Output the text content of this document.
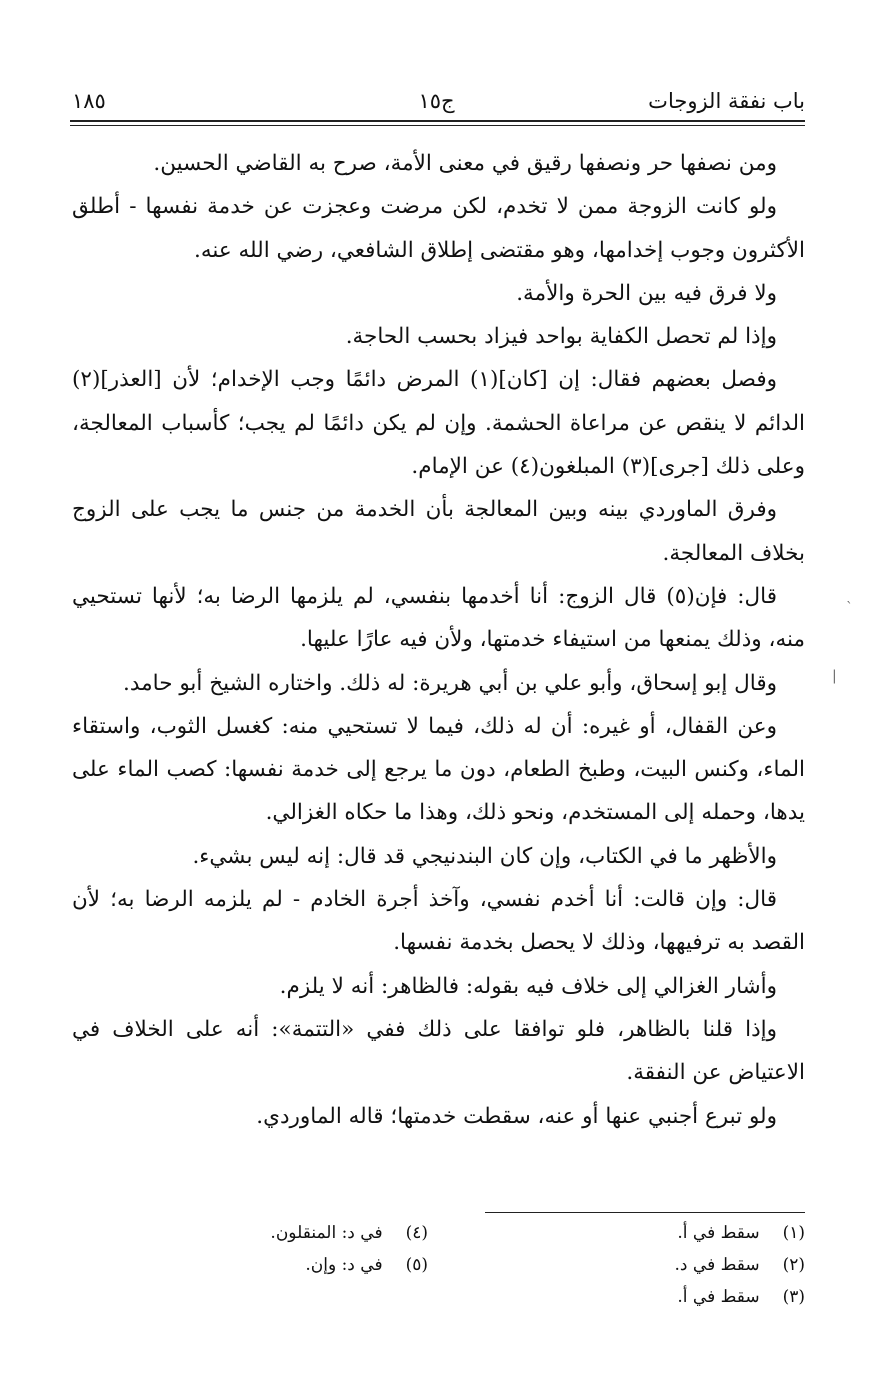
باب نفقة الزوجات
ج١٥
١٨٥

ومن نصفها حر ونصفها رقيق في معنى الأمة، صرح به القاضي الحسين.

ولو كانت الزوجة ممن لا تخدم، لكن مرضت وعجزت عن خدمة نفسها - أطلق الأكثرون وجوب إخدامها، وهو مقتضى إطلاق الشافعي، رضي الله عنه.

ولا فرق فيه بين الحرة والأمة.

وإذا لم تحصل الكفاية بواحد فيزاد بحسب الحاجة.

وفصل بعضهم فقال: إن [كان](١) المرض دائمًا وجب الإخدام؛ لأن [العذر](٢) الدائم لا ينقص عن مراعاة الحشمة. وإن لم يكن دائمًا لم يجب؛ كأسباب المعالجة، وعلى ذلك [جرى](٣) المبلغون(٤) عن الإمام.

وفرق الماوردي بينه وبين المعالجة بأن الخدمة من جنس ما يجب على الزوج بخلاف المعالجة.

قال: فإن(٥) قال الزوج: أنا أخدمها بنفسي، لم يلزمها الرضا به؛ لأنها تستحيي منه، وذلك يمنعها من استيفاء خدمتها، ولأن فيه عارًا عليها.

وقال إبو إسحاق، وأبو علي بن أبي هريرة: له ذلك. واختاره الشيخ أبو حامد.

وعن القفال، أو غيره: أن له ذلك، فيما لا تستحيي منه: كغسل الثوب، واستقاء الماء، وكنس البيت، وطبخ الطعام، دون ما يرجع إلى خدمة نفسها: كصب الماء على يدها، وحمله إلى المستخدم، ونحو ذلك، وهذا ما حكاه الغزالي.

والأظهر ما في الكتاب، وإن كان البندنيجي قد قال: إنه ليس بشيء.

قال: وإن قالت: أنا أخدم نفسي، وآخذ أجرة الخادم - لم يلزمه الرضا به؛ لأن القصد به ترفيهها، وذلك لا يحصل بخدمة نفسها.

وأشار الغزالي إلى خلاف فيه بقوله: فالظاهر: أنه لا يلزم.

وإذا قلنا بالظاهر، فلو توافقا على ذلك ففي «التتمة»: أنه على الخلاف في الاعتياض عن النفقة.

ولو تبرع أجنبي عنها أو عنه، سقطت خدمتها؛ قاله الماوردي.

ˋ
|
(١) سقط في أ.
(٢) سقط في د.
(٣) سقط في أ.
(٤) في د: المنقلون.
(٥) في د: وإن.
